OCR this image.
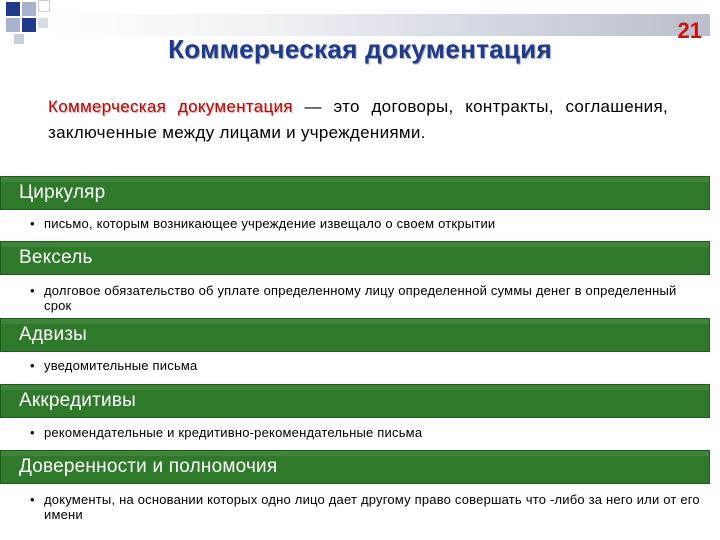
21
Коммерческая документация
Коммерческая документация — это договоры, контракты, соглашения, заключенные между лицами и учреждениями.
Циркуляр
• письмо, которым возникающее учреждение извещало о своем открытии
Вексель
• долговое обязательство об уплате определенному лицу определенной суммы денег в определенный срок
Адвизы
• уведомительные письма
Аккредитивы
• рекомендательные и кредитивно-рекомендательные письма
Доверенности и полномочия
• документы, на основании которых одно лицо дает другому право совершать что -либо за него или от его имени
